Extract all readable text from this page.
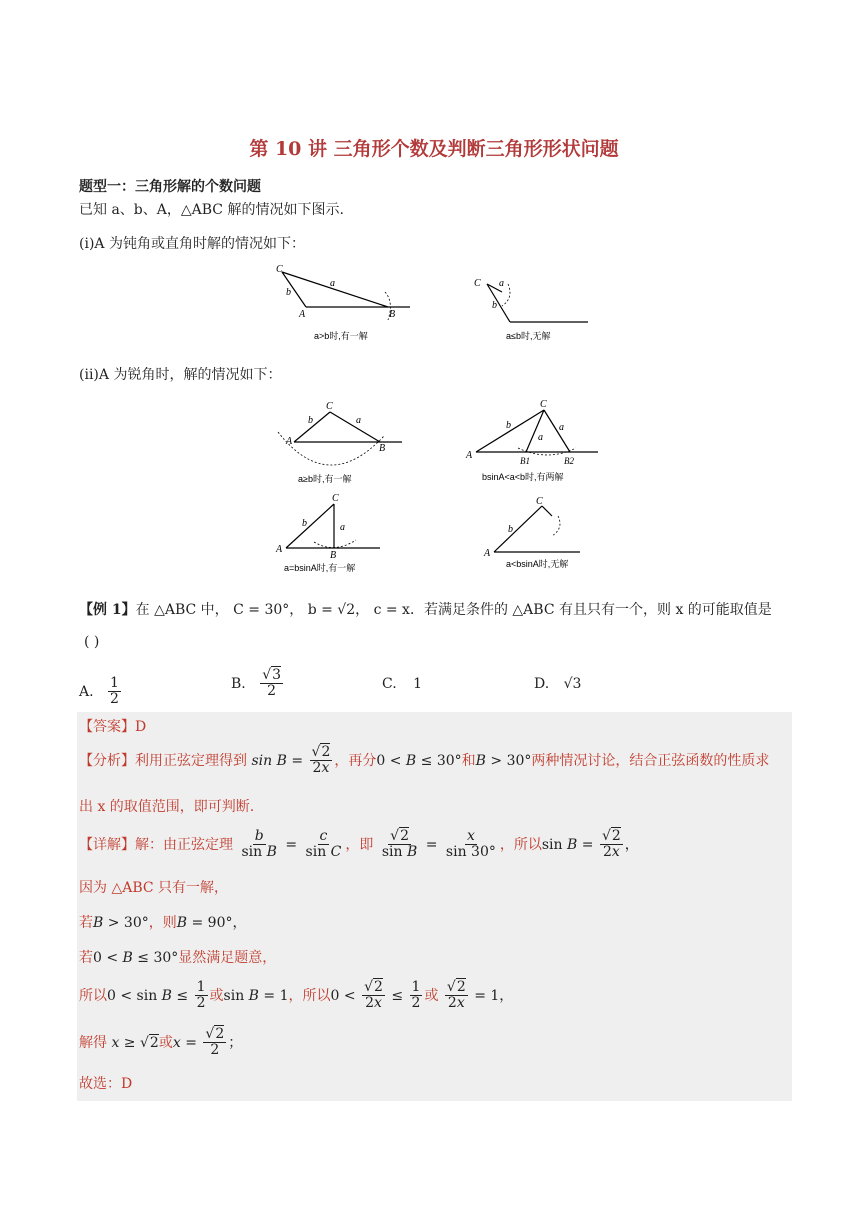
第 10 讲 三角形个数及判断三角形形状问题
题型一：三角形解的个数问题
已知 a、b、A，△ABC 解的情况如下图示.
(i)A 为钝角或直角时解的情况如下：
C
b
a
A	B
a>b时,有一解
C a
b
a≤b时,无解
(ii)A 为锐角时，解的情况如下：
C
b	a
A
B
a≥b时,有一解
C
b
a
a
A	B1	B2
bsinA<a<b时,有两解
C
b	a
A
B
a=bsinA时,有一解
C
b
A
a<bsinA时,无解
【例 1】在 △ABC 中， C = 30°， b = √2， c = x．若满足条件的 △ABC 有且只有一个，则 x 的可能取值是
( )
A. $\frac{1}{2}$	B. $\frac{√3}{2}$	C. 1	D. √3
【答案】D
【分析】利用正弦定理得到 $\sin B = \frac{√2}{2x}$ ，再分0 < B ≤ 30°和B > 30°两种情况讨论，结合正弦函数的性质求
出 x 的取值范围，即可判断.
【详解】解：由正弦定理 $\frac{b}{\text{sin B}} = \frac{c}{\text{sin C}}$ ，即 $\frac{√2}{\text{sin B}} = \frac{x}{\sin 30^\circ}$ ，所以$\sin B = \frac{√2}{2x}$ ，
因为 △ABC 只有一解，
若B > 30°，则B = 90°，
若0 < B ≤ 30°显然满足题意，
所以$0 < \sin B \le \frac{1}{2}$ 或sin B = 1，所以$0 < \frac{√2}{2x} \le \frac{1}{2}$ 或 $\frac{√2}{2x} = 1$，
解得 x ≥ √2或$x = \frac{√2}{2}$ ；
故选：D
